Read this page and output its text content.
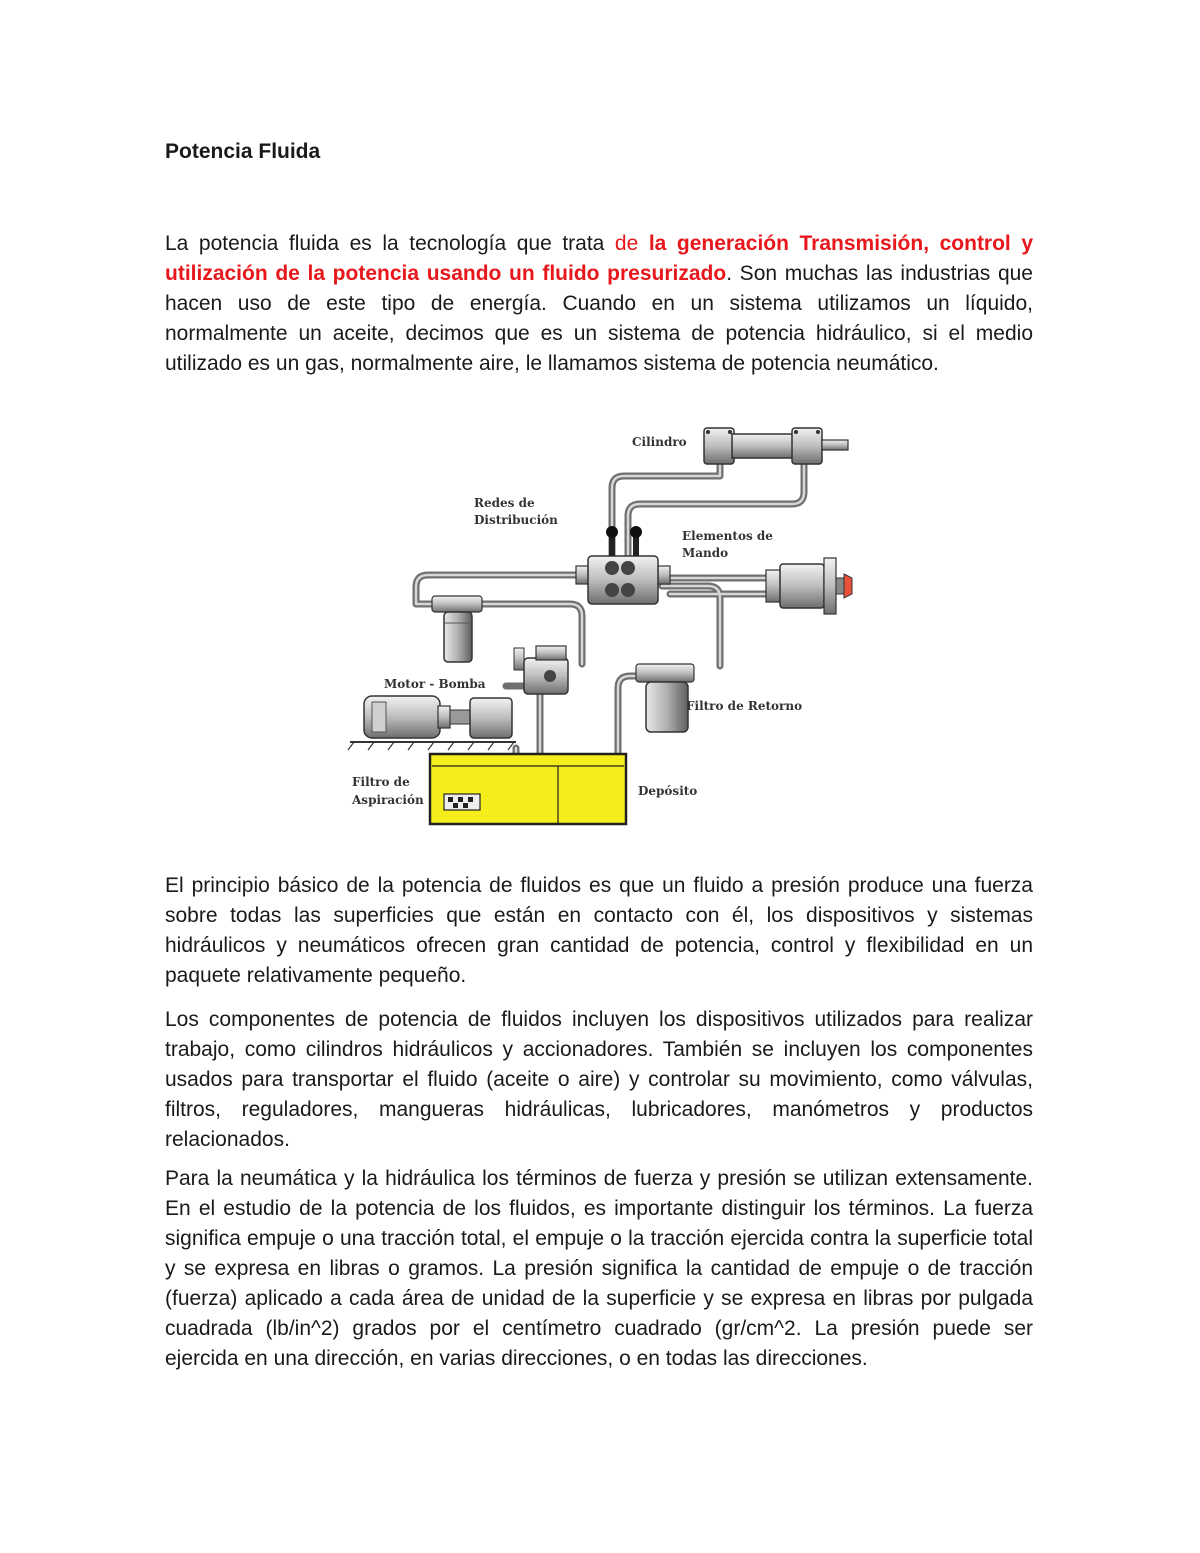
Potencia Fluida

La potencia fluida es la tecnología que trata de la generación Transmisión, control y utilización de la potencia usando un fluido presurizado. Son muchas las industrias que hacen uso de este tipo de energía. Cuando en un sistema utilizamos un líquido, normalmente un aceite, decimos que es un sistema de potencia hidráulico, si el medio utilizado es un gas, normalmente aire, le llamamos sistema de potencia neumático.

Cilindro
Redes de
Distribución
Elementos de
Mando
Motor - Bomba
Filtro de Retorno
Filtro de
Aspiración
Depósito

El principio básico de la potencia de fluidos es que un fluido a presión produce una fuerza sobre todas las superficies que están en contacto con él, los dispositivos y sistemas hidráulicos y neumáticos ofrecen gran cantidad de potencia, control y flexibilidad en un paquete relativamente pequeño.

Los componentes de potencia de fluidos incluyen los dispositivos utilizados para realizar trabajo, como cilindros hidráulicos y accionadores. También se incluyen los componentes usados para transportar el fluido (aceite o aire) y controlar su movimiento, como válvulas, filtros, reguladores, mangueras hidráulicas, lubricadores, manómetros y productos relacionados.

Para la neumática y la hidráulica los términos de fuerza y presión se utilizan extensamente. En el estudio de la potencia de los fluidos, es importante distinguir los términos. La fuerza significa empuje o una tracción total, el empuje o la tracción ejercida contra la superficie total y se expresa en libras o gramos. La presión significa la cantidad de empuje o de tracción (fuerza) aplicado a cada área de unidad de la superficie y se expresa en libras por pulgada cuadrada (lb/in^2) grados por el centímetro cuadrado (gr/cm^2. La presión puede ser ejercida en una dirección, en varias direcciones, o en todas las direcciones.
